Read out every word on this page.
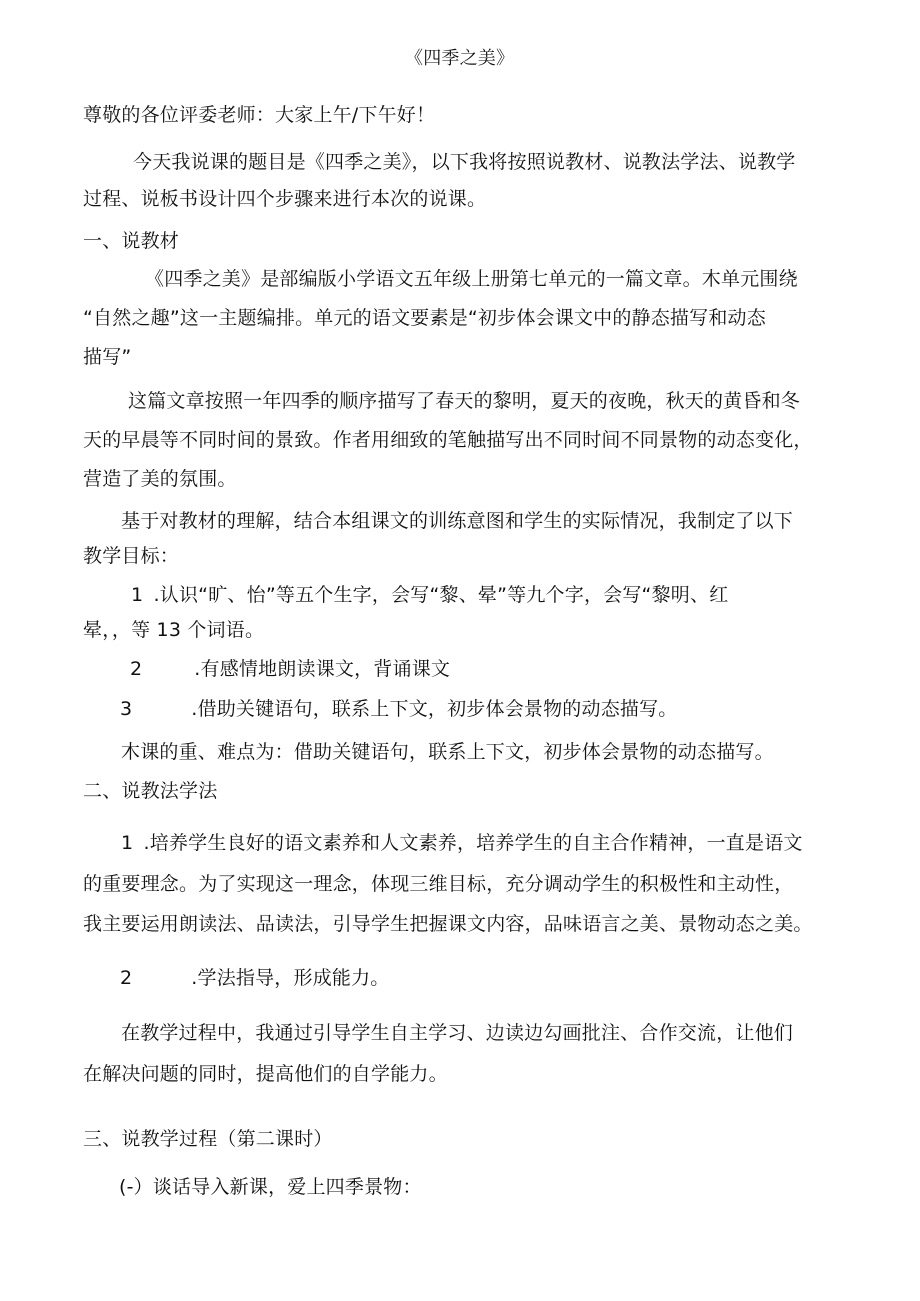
《四季之美》
尊敬的各位评委老师：大家上午/下午好！
今天我说课的题目是《四季之美》，以下我将按照说教材、说教法学法、说教学
过程、说板书设计四个步骤来进行本次的说课。
一、说教材
《四季之美》是部编版小学语文五年级上册第七单元的一篇文章。木单元围绕
“自然之趣”这一主题编排。单元的语文要素是“初步体会课文中的静态描写和动态
描写”
这篇文章按照一年四季的顺序描写了春天的黎明，夏天的夜晚，秋天的黄昏和冬
天的早晨等不同时间的景致。作者用细致的笔触描写出不同时间不同景物的动态变化，
营造了美的氛围。
基于对教材的理解，结合本组课文的训练意图和学生的实际情况，我制定了以下
教学目标：
1 .认识“旷、怡”等五个生字，会写“黎、晕”等九个字，会写“黎明、红
晕，，等 13 个词语。
2	.有感情地朗读课文，背诵课文
3	.借助关键语句，联系上下文，初步体会景物的动态描写。
木课的重、难点为：借助关键语句，联系上下文，初步体会景物的动态描写。
二、说教法学法
1 .培养学生良好的语文素养和人文素养，培养学生的自主合作精神，一直是语文
的重要理念。为了实现这一理念，体现三维目标，充分调动学生的积极性和主动性，
我主要运用朗读法、品读法，引导学生把握课文内容，品味语言之美、景物动态之美。
2	.学法指导，形成能力。
在教学过程中，我通过引导学生自主学习、边读边勾画批注、合作交流，让他们
在解决问题的同时，提高他们的自学能力。
三、说教学过程（第二课时）
(-）谈话导入新课，爱上四季景物：
